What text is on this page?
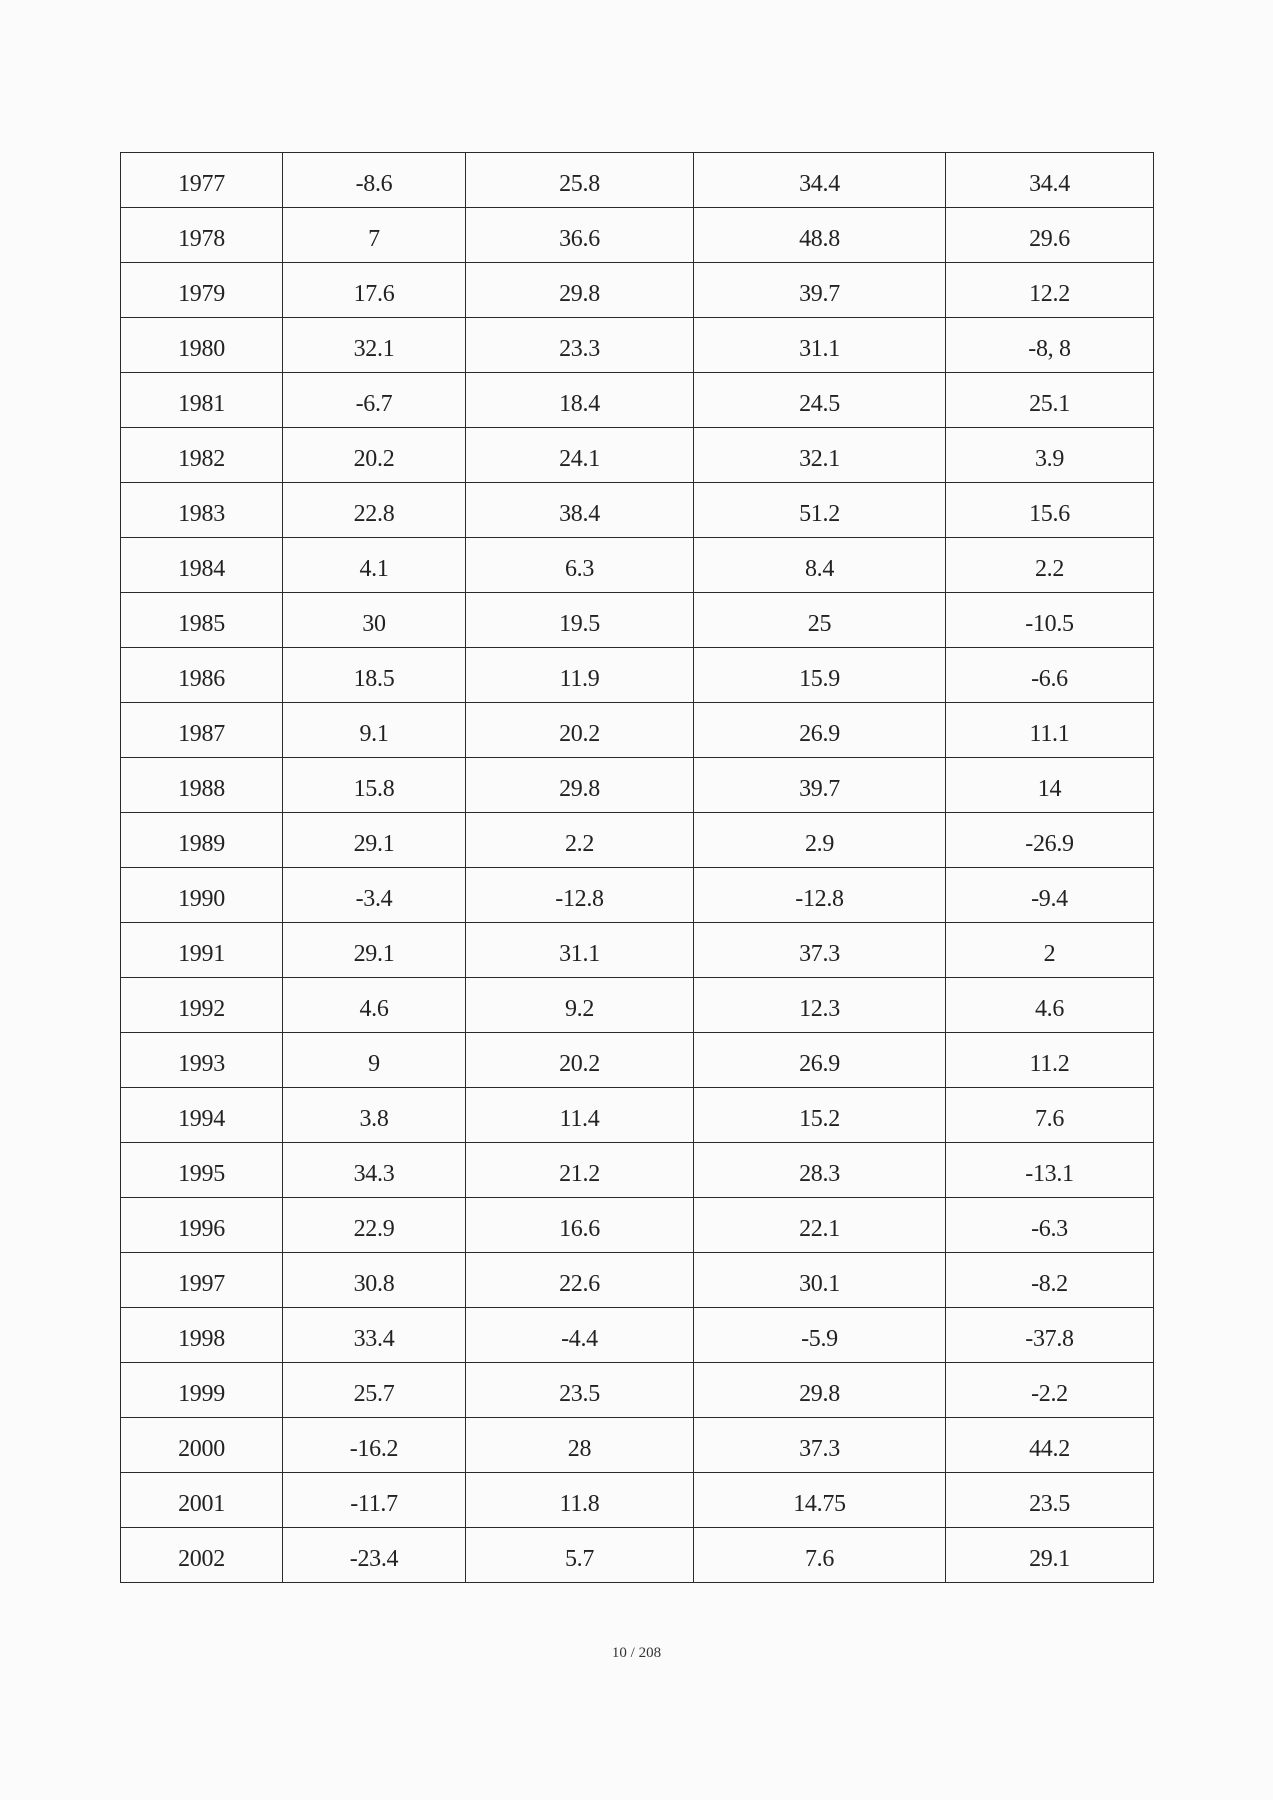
1977	-8.6	25.8	34.4	34.4
1978	7	36.6	48.8	29.6
1979	17.6	29.8	39.7	12.2
1980	32.1	23.3	31.1	-8, 8
1981	-6.7	18.4	24.5	25.1
1982	20.2	24.1	32.1	3.9
1983	22.8	38.4	51.2	15.6
1984	4.1	6.3	8.4	2.2
1985	30	19.5	25	-10.5
1986	18.5	11.9	15.9	-6.6
1987	9.1	20.2	26.9	11.1
1988	15.8	29.8	39.7	14
1989	29.1	2.2	2.9	-26.9
1990	-3.4	-12.8	-12.8	-9.4
1991	29.1	31.1	37.3	2
1992	4.6	9.2	12.3	4.6
1993	9	20.2	26.9	11.2
1994	3.8	11.4	15.2	7.6
1995	34.3	21.2	28.3	-13.1
1996	22.9	16.6	22.1	-6.3
1997	30.8	22.6	30.1	-8.2
1998	33.4	-4.4	-5.9	-37.8
1999	25.7	23.5	29.8	-2.2
2000	-16.2	28	37.3	44.2
2001	-11.7	11.8	14.75	23.5
2002	-23.4	5.7	7.6	29.1
10 / 208
